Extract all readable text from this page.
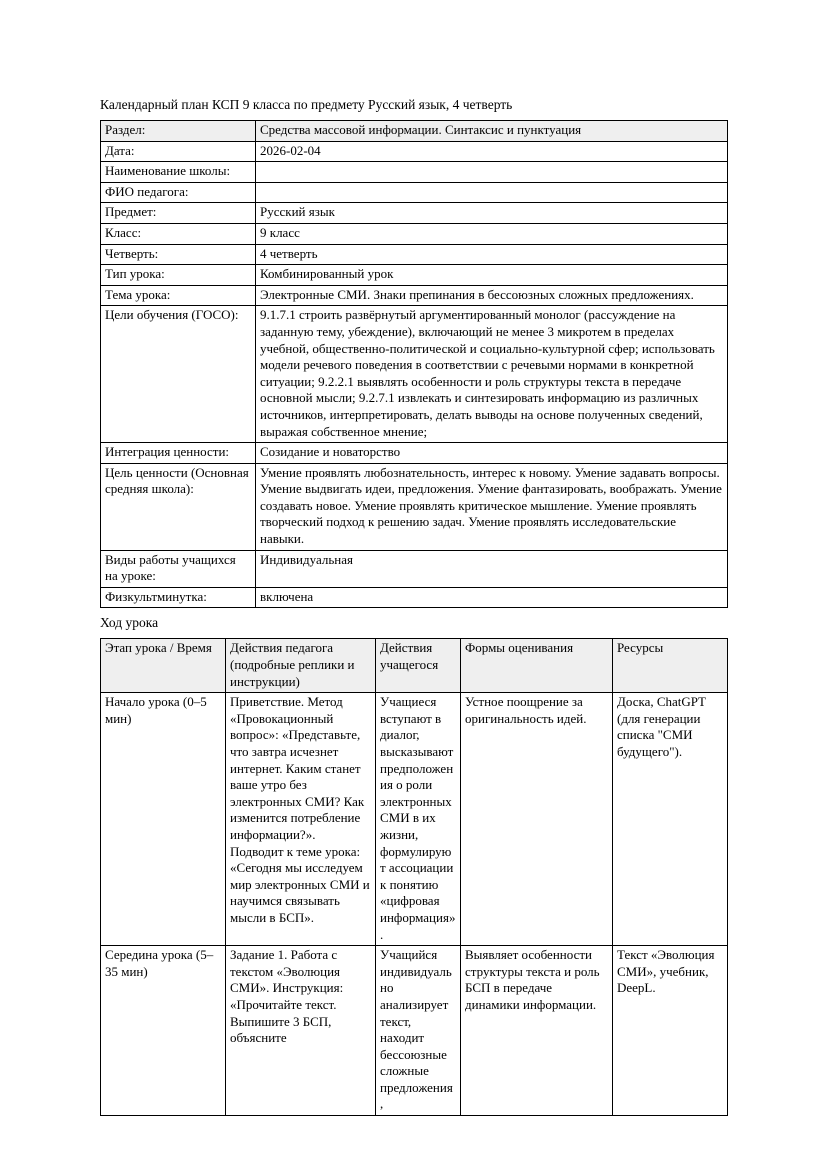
Календарный план КСП 9 класса по предмету Русский язык, 4 четверть

Раздел:	Средства массовой информации. Синтаксис и пунктуация
Дата:	2026-02-04
Наименование школы:	
ФИО педагога:	
Предмет:	Русский язык
Класс:	9 класс
Четверть:	4 четверть
Тип урока:	Комбинированный урок
Тема урока:	Электронные СМИ. Знаки препинания в бессоюзных сложных предложениях.
Цели обучения (ГОСО):	9.1.7.1 строить развёрнутый аргументированный монолог (рассуждение на заданную тему, убеждение), включающий не менее 3 микротем в пределах учебной, общественно-политической и социально-культурной сфер; использовать модели речевого поведения в соответствии с речевыми нормами в конкретной ситуации; 9.2.2.1 выявлять особенности и роль структуры текста в передаче основной мысли; 9.2.7.1 извлекать и синтезировать информацию из различных источников, интерпретировать, делать выводы на основе полученных сведений, выражая собственное мнение;
Интеграция ценности:	Созидание и новаторство
Цель ценности (Основная средняя школа):	Умение проявлять любознательность, интерес к новому. Умение задавать вопросы. Умение выдвигать идеи, предложения. Умение фантазировать, воображать. Умение создавать новое. Умение проявлять критическое мышление. Умение проявлять творческий подход к решению задач. Умение проявлять исследовательские навыки.
Виды работы учащихся на уроке:	Индивидуальная
Физкультминутка:	включена

Ход урока

Этап урока / Время	Действия педагога (подробные реплики и инструкции)	Действия учащегося	Формы оценивания	Ресурсы
Начало урока (0–5 мин)	Приветствие. Метод «Провокационный вопрос»: «Представьте, что завтра исчезнет интернет. Каким станет ваше утро без электронных СМИ? Как изменится потребление информации?». Подводит к теме урока: «Сегодня мы исследуем мир электронных СМИ и научимся связывать мысли в БСП».	Учащиеся вступают в диалог, высказывают предположения о роли электронных СМИ в их жизни, формулируют ассоциации к понятию «цифровая информация».	Устное поощрение за оригинальность идей.	Доска, ChatGPT (для генерации списка "СМИ будущего").
Середина урока (5–35 мин)	Задание 1. Работа с текстом «Эволюция СМИ». Инструкция: «Прочитайте текст. Выпишите 3 БСП, объясните	Учащийся индивидуально анализирует текст, находит бессоюзные сложные предложения,	Выявляет особенности структуры текста и роль БСП в передаче динамики информации.	Текст «Эволюция СМИ», учебник, DeepL.
